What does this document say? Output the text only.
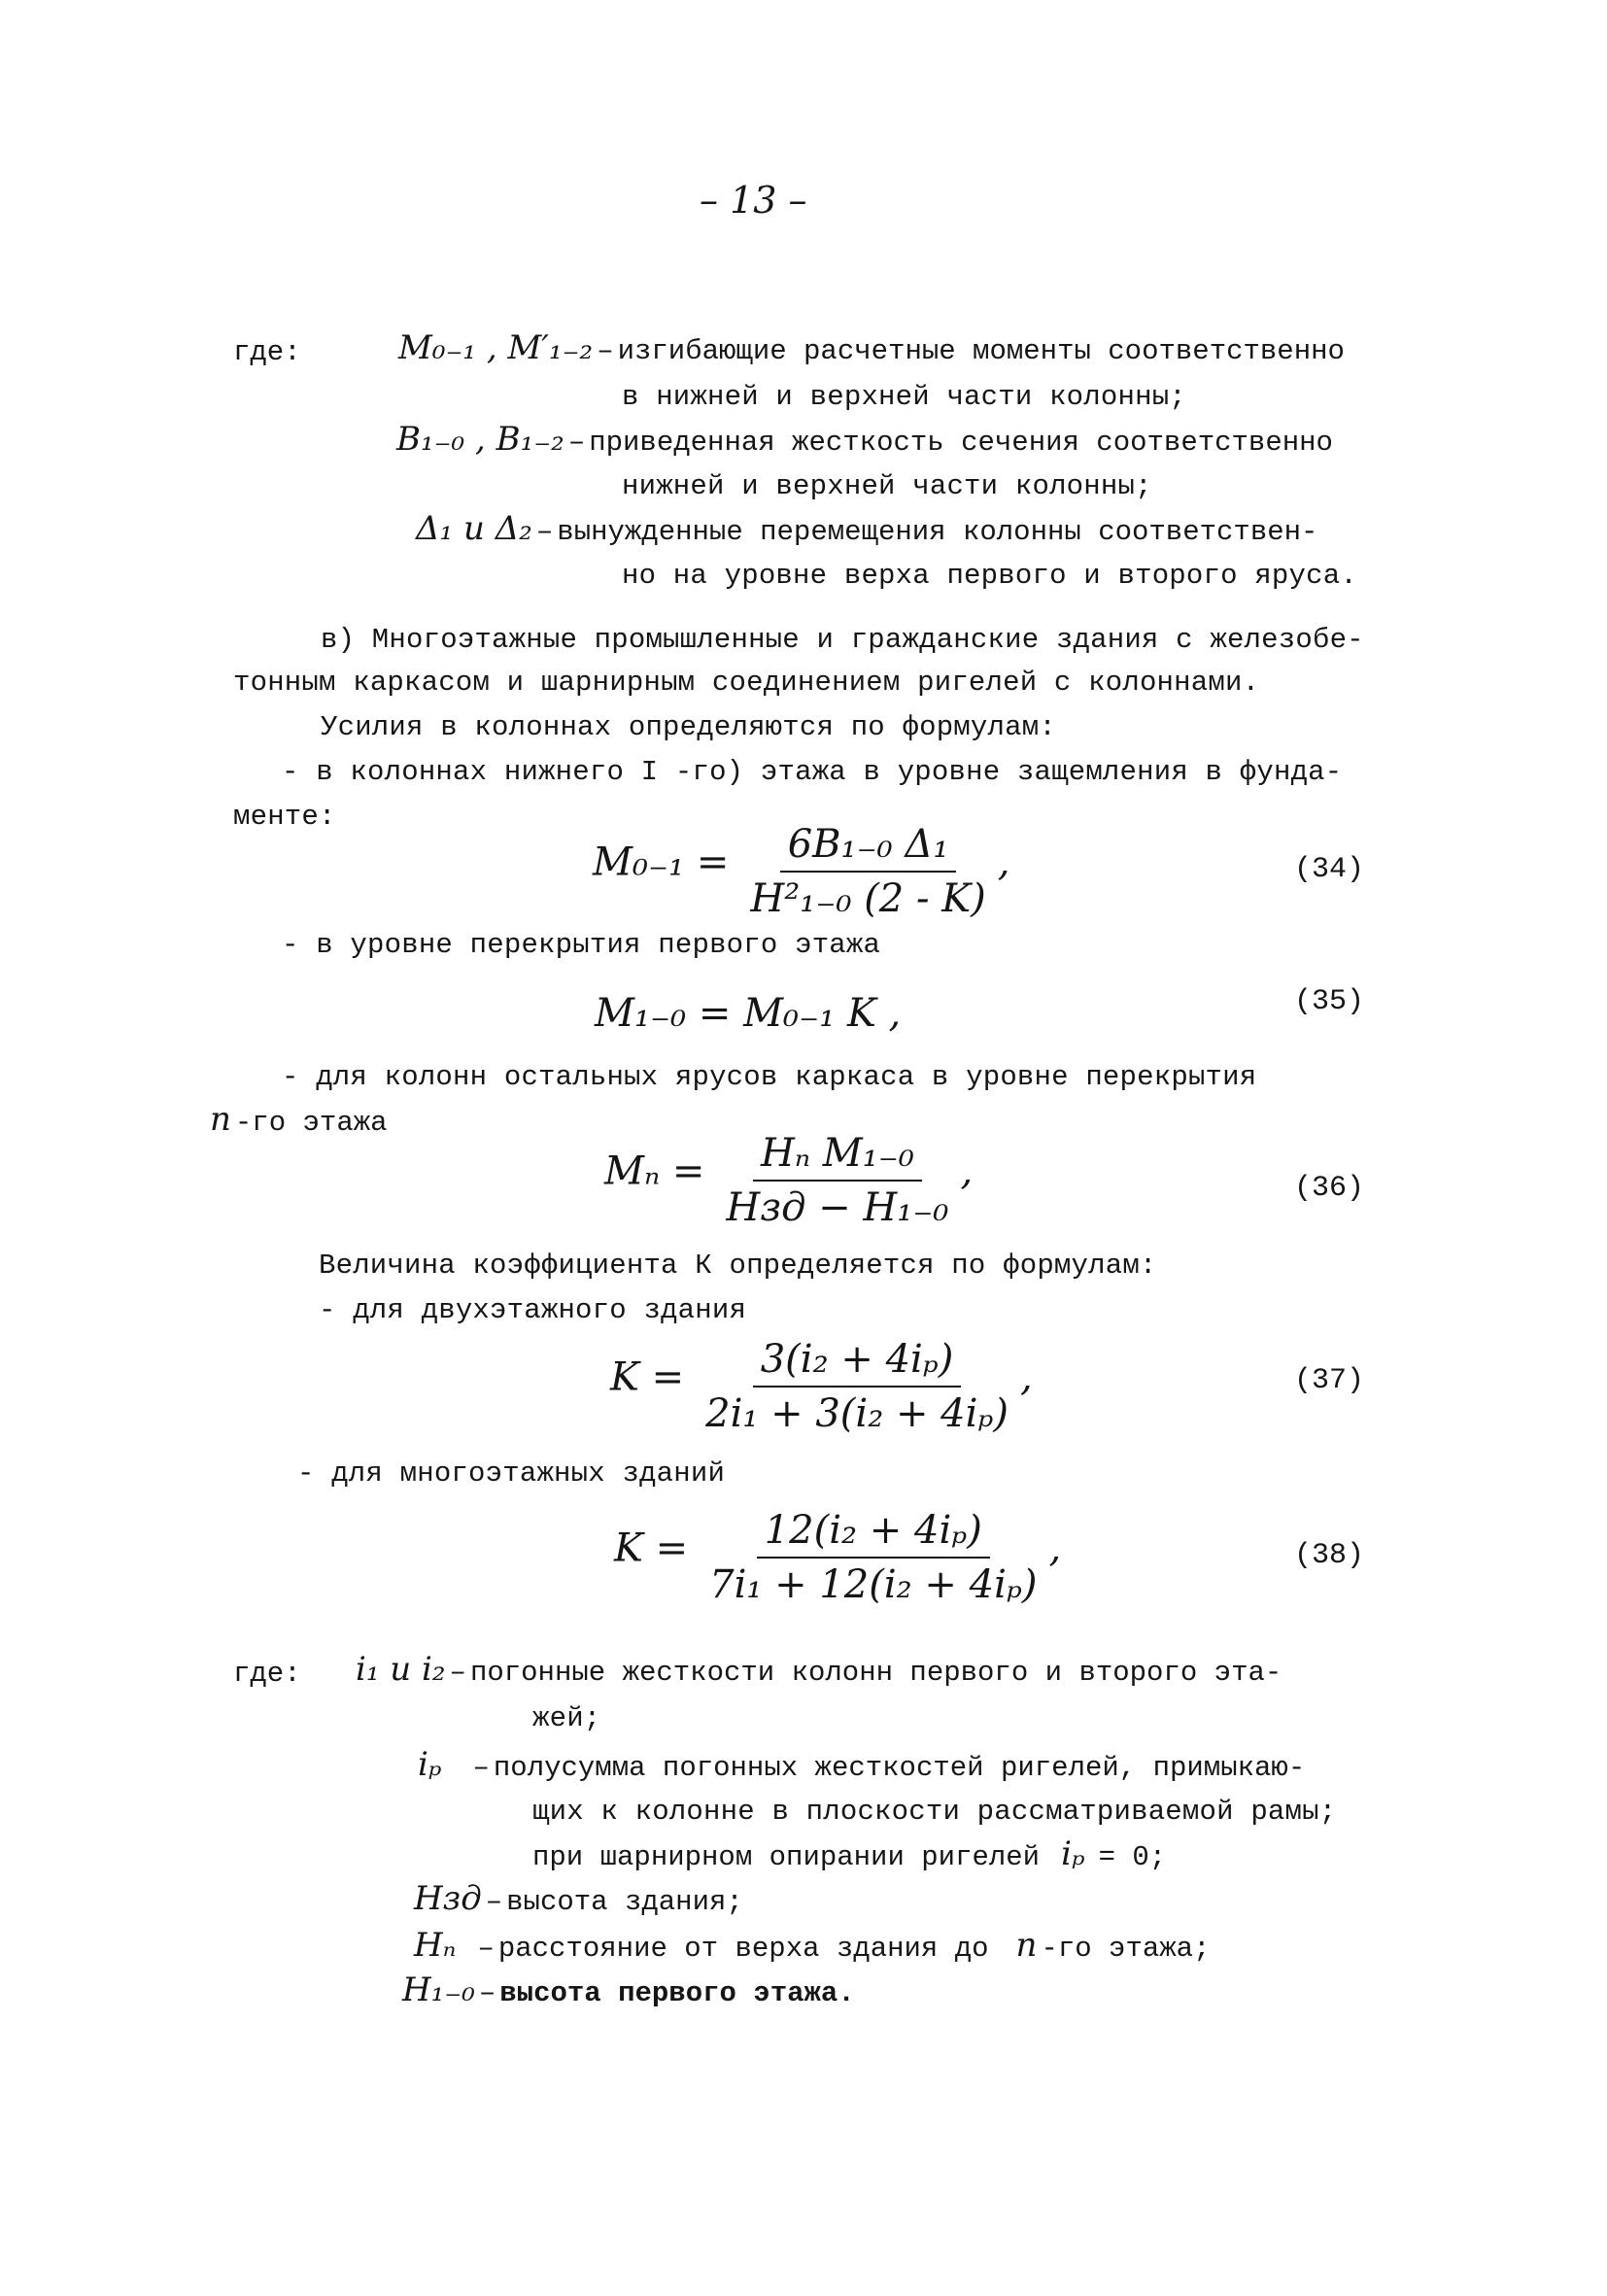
– 13 –
где:	M₀₋₁ , M′₁₋₂ – изгибающие расчетные моменты соответственно
в нижней и верхней части колонны;
B₁₋₀ , B₁₋₂ – приведенная жесткость сечения соответственно
нижней и верхней части колонны;
Δ₁ и Δ₂ – вынужденные перемещения колонны соответствен-
но на уровне верха первого и второго яруса.
в) Многоэтажные промышленные и гражданские здания с железобе-
тонным каркасом и шарнирным соединением ригелей с колоннами.
Усилия в колоннах определяются по формулам:
- в колоннах нижнего I -го) этажа в уровне защемления в фунда-
менте:
$M_{0-1} = \frac{\text{6B₁₋₀ Δ₁}}{\text{H²₁₋₀ (2 - K)}}$ ,	(34)
- в уровне перекрытия первого этажа
M₁₋₀ = M₀₋₁ K ,	(35)
- для колонн остальных ярусов каркаса в уровне перекрытия
n -го этажа
$M_n = \frac{\text{Hₙ M₁₋₀}}{\text{Hзд − H₁₋₀}}$ ,	(36)
Величина коэффициента К определяется по формулам:
- для двухэтажного здания
$K = \frac{\text{3(i₂ + 4iₚ)}}{\text{2i₁ + 3(i₂ + 4iₚ)}}$ ,	(37)
- для многоэтажных зданий
$K = \frac{\text{12(i₂ + 4iₚ)}}{\text{7i₁ + 12(i₂ + 4iₚ)}}$ ,	(38)
где: i₁ и i₂ – погонные жесткости колонн первого и второго эта-
жей;
iₚ – полусумма погонных жесткостей ригелей, примыкаю-
щих к колонне в плоскости рассматриваемой рамы;
при шарнирном опирании ригелей iₚ = 0;
Hзд – высота здания;
Hₙ – расстояние от верха здания до n -го этажа;
H₁₋₀ – высота первого этажа.
